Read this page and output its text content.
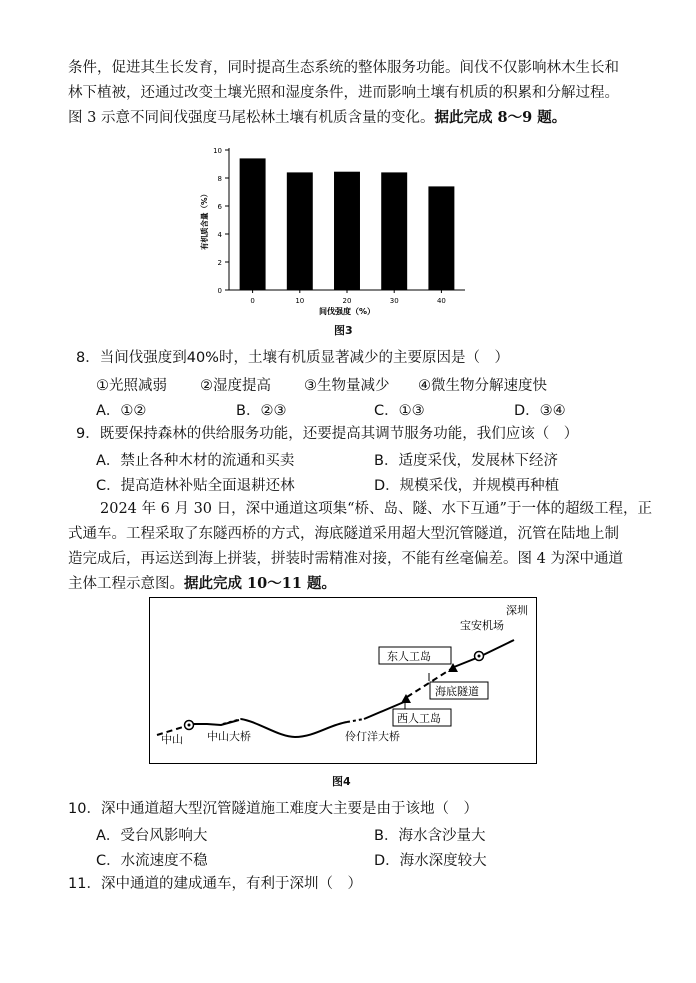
条件，促进其生长发育，同时提高生态系统的整体服务功能。间伐不仅影响林木生长和
林下植被，还通过改变土壤光照和湿度条件，进而影响土壤有机质的积累和分解过程。
图 3 示意不同间伐强度马尾松林土壤有机质含量的变化。据此完成 8～9 题。
0
2
4
6
8
10
有机质含量（%）
0	10	20	30	40
间伐强度（%）
图3
8．当间伐强度到40%时，土壤有机质显著减少的主要原因是（　）
①光照减弱 ②湿度提高 ③生物量减少 ④微生物分解速度快
A．①②	B．②③	C．①③	D．③④
9．既要保持森林的供给服务功能，还要提高其调节服务功能，我们应该（　）
A．禁止各种木材的流通和买卖	B．适度采伐，发展林下经济
C．提高造林补贴全面退耕还林	D．规模采伐，并规模再种植
2024 年 6 月 30 日，深中通道这项集“桥、岛、隧、水下互通”于一体的超级工程，正
式通车。工程采取了东隧西桥的方式，海底隧道采用超大型沉管隧道，沉管在陆地上制
造完成后，再运送到海上拼装，拼装时需精准对接，不能有丝毫偏差。图 4 为深中通道
主体工程示意图。据此完成 10～11 题。
深圳
宝安机场
东人工岛
海底隧道
西人工岛
中山 中山大桥	伶仃洋大桥
图4
10．深中通道超大型沉管隧道施工难度大主要是由于该地（　）
A．受台风影响大	B．海水含沙量大
C．水流速度不稳	D．海水深度较大
11．深中通道的建成通车，有利于深圳（　）
